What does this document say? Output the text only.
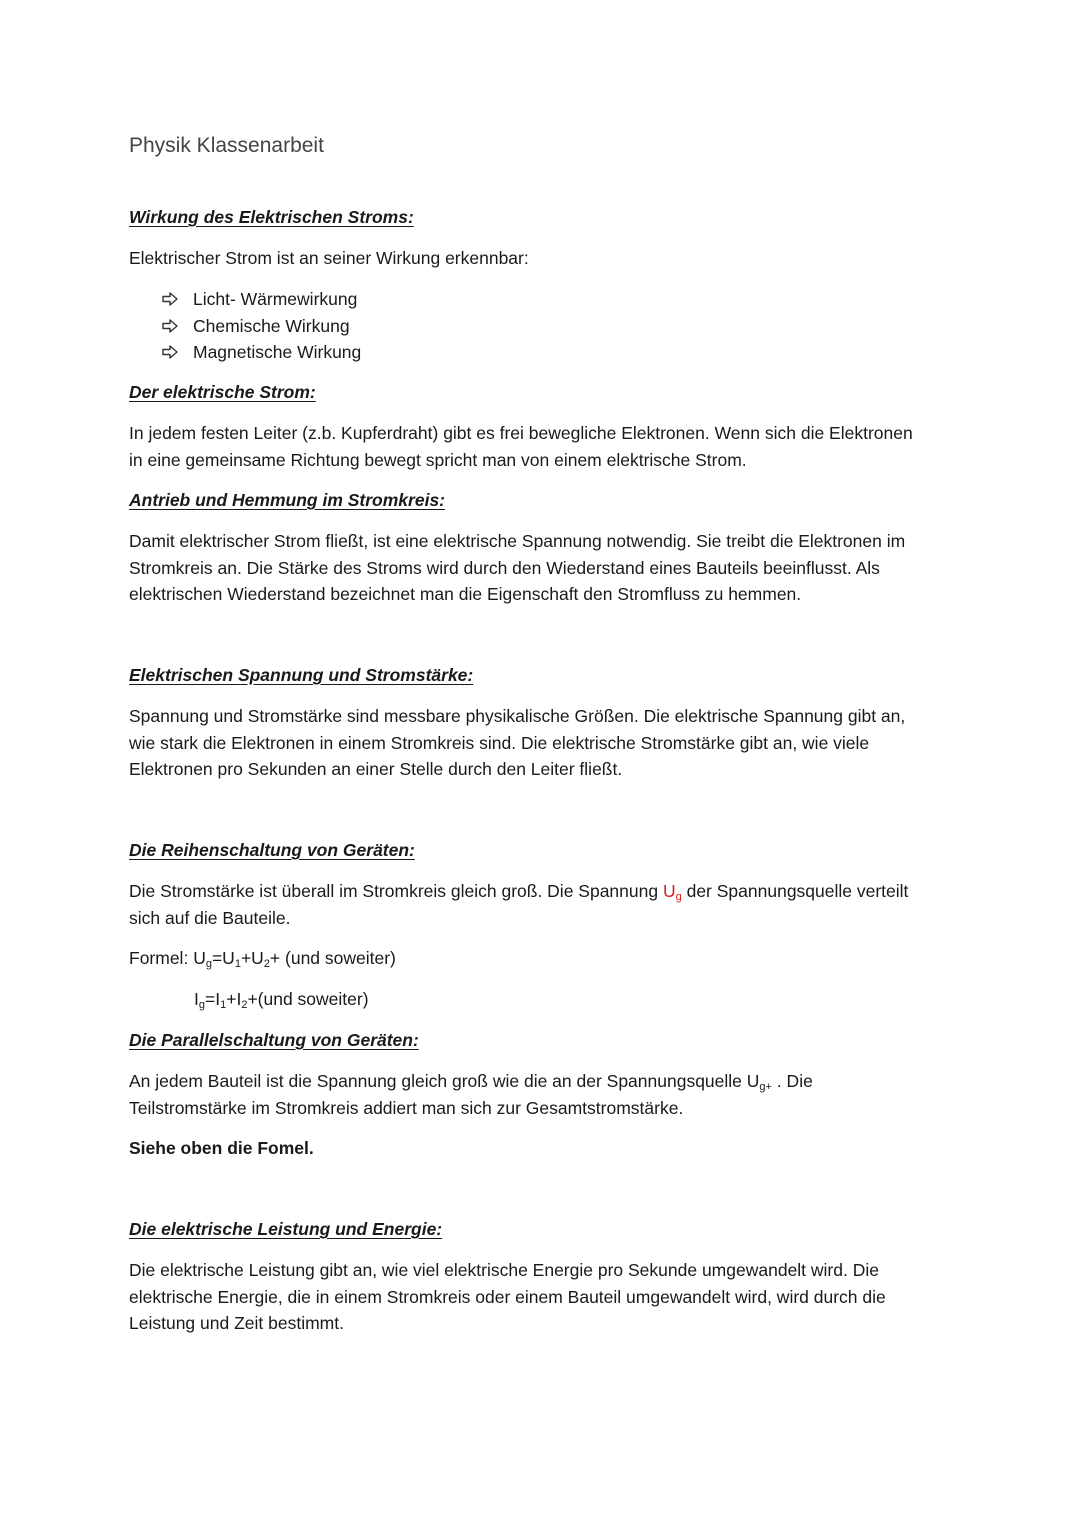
Physik Klassenarbeit

Wirkung des Elektrischen Stroms:

Elektrischer Strom ist an seiner Wirkung erkennbar:

Licht- Wärmewirkung
Chemische Wirkung
Magnetische Wirkung

Der elektrische Strom:

In jedem festen Leiter (z.b. Kupferdraht) gibt es frei bewegliche Elektronen. Wenn sich die Elektronen
in eine gemeinsame Richtung bewegt spricht man von einem elektrische Strom.

Antrieb und Hemmung im Stromkreis:

Damit elektrischer Strom fließt, ist eine elektrische Spannung notwendig. Sie treibt die Elektronen im
Stromkreis an. Die Stärke des Stroms wird durch den Wiederstand eines Bauteils beeinflusst. Als
elektrischen Wiederstand bezeichnet man die Eigenschaft den Stromfluss zu hemmen.

Elektrischen Spannung und Stromstärke:

Spannung und Stromstärke sind messbare physikalische Größen. Die elektrische Spannung gibt an,
wie stark die Elektronen in einem Stromkreis sind. Die elektrische Stromstärke gibt an, wie viele
Elektronen pro Sekunden an einer Stelle durch den Leiter fließt.

Die Reihenschaltung von Geräten:

Die Stromstärke ist überall im Stromkreis gleich groß. Die Spannung $U_g$ der Spannungsquelle verteilt
sich auf die Bauteile.

Formel: $U_g=U_1+U_2+ (und$ soweiter)

$I_g=I_1+I_2+(und$ soweiter)

Die Parallelschaltung von Geräten:

An jedem Bauteil ist die Spannung gleich groß wie die an der Spannungsquelle $U_{g+}$ . Die
Teilstromstärke im Stromkreis addiert man sich zur Gesamtstromstärke.

Siehe oben die Fomel.

Die elektrische Leistung und Energie:

Die elektrische Leistung gibt an, wie viel elektrische Energie pro Sekunde umgewandelt wird. Die
elektrische Energie, die in einem Stromkreis oder einem Bauteil umgewandelt wird, wird durch die
Leistung und Zeit bestimmt.
